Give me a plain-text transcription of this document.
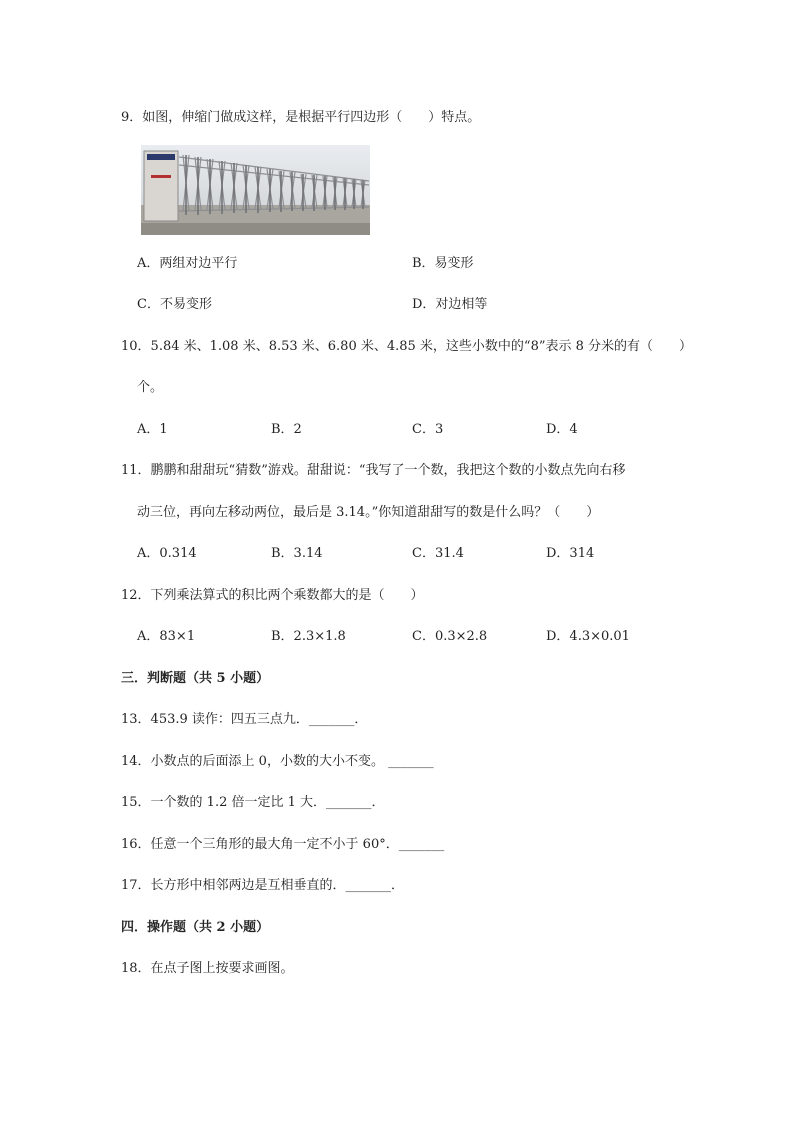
9．如图，伸缩门做成这样，是根据平行四边形（　　）特点。
A．两组对边平行	B．易变形
C．不易变形	D．对边相等
10．5.84 米、1.08 米、8.53 米、6.80 米、4.85 米，这些小数中的“8”表示 8 分米的有（　　）
个。
A．1	B．2	C．3	D．4
11．鹏鹏和甜甜玩“猜数”游戏。甜甜说：“我写了一个数，我把这个数的小数点先向右移
动三位，再向左移动两位，最后是 3.14。”你知道甜甜写的数是什么吗？（　　）
A．0.314	B．3.14	C．31.4	D．314
12．下列乘法算式的积比两个乘数都大的是（　　）
A．83×1	B．2.3×1.8	C．0.3×2.8	D．4.3×0.01
三．判断题（共 5 小题）
13．453.9 读作：四五三点九．_______．
14．小数点的后面添上 0，小数的大小不变。 _______
15．一个数的 1.2 倍一定比 1 大．_______．
16．任意一个三角形的最大角一定不小于 60°．_______
17．长方形中相邻两边是互相垂直的．_______．
四．操作题（共 2 小题）
18．在点子图上按要求画图。
